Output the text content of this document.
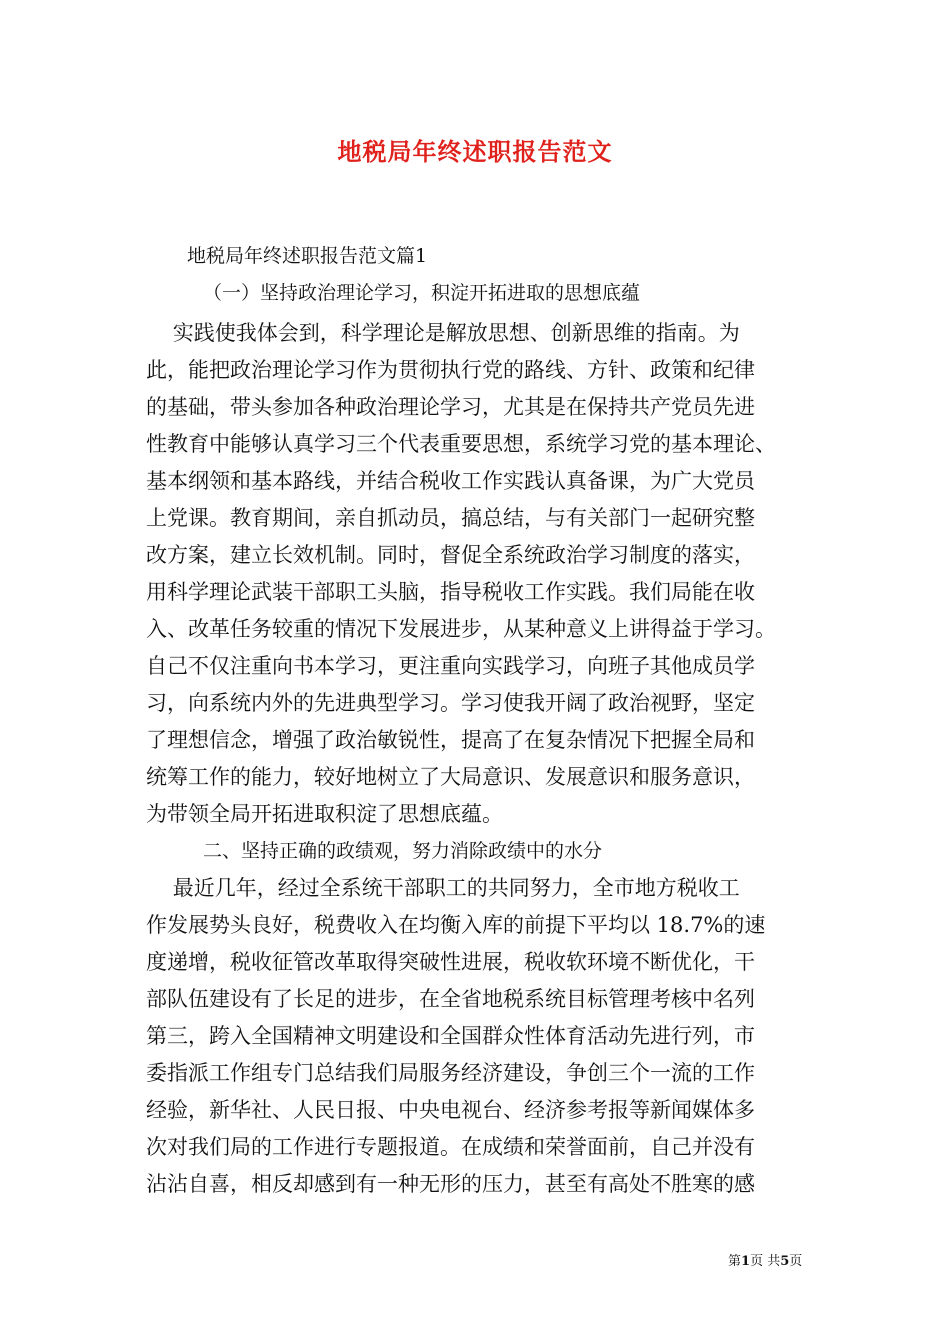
地税局年终述职报告范文
地税局年终述职报告范文篇1
（一）坚持政治理论学习，积淀开拓进取的思想底蕴
实践使我体会到，科学理论是解放思想、创新思维的指南。为
此，能把政治理论学习作为贯彻执行党的路线、方针、政策和纪律
的基础，带头参加各种政治理论学习，尤其是在保持共产党员先进
性教育中能够认真学习三个代表重要思想，系统学习党的基本理论、
基本纲领和基本路线，并结合税收工作实践认真备课，为广大党员
上党课。教育期间，亲自抓动员，搞总结，与有关部门一起研究整
改方案，建立长效机制。同时，督促全系统政治学习制度的落实，
用科学理论武装干部职工头脑，指导税收工作实践。我们局能在收
入、改革任务较重的情况下发展进步，从某种意义上讲得益于学习。
自己不仅注重向书本学习，更注重向实践学习，向班子其他成员学
习，向系统内外的先进典型学习。学习使我开阔了政治视野，坚定
了理想信念，增强了政治敏锐性，提高了在复杂情况下把握全局和
统筹工作的能力，较好地树立了大局意识、发展意识和服务意识，
为带领全局开拓进取积淀了思想底蕴。
二、坚持正确的政绩观，努力消除政绩中的水分
最近几年，经过全系统干部职工的共同努力，全市地方税收工
作发展势头良好，税费收入在均衡入库的前提下平均以 18.7%的速
度递增，税收征管改革取得突破性进展，税收软环境不断优化，干
部队伍建设有了长足的进步，在全省地税系统目标管理考核中名列
第三，跨入全国精神文明建设和全国群众性体育活动先进行列，市
委指派工作组专门总结我们局服务经济建设，争创三个一流的工作
经验，新华社、人民日报、中央电视台、经济参考报等新闻媒体多
次对我们局的工作进行专题报道。在成绩和荣誉面前，自己并没有
沾沾自喜，相反却感到有一种无形的压力，甚至有高处不胜寒的感
第1页 共5页
